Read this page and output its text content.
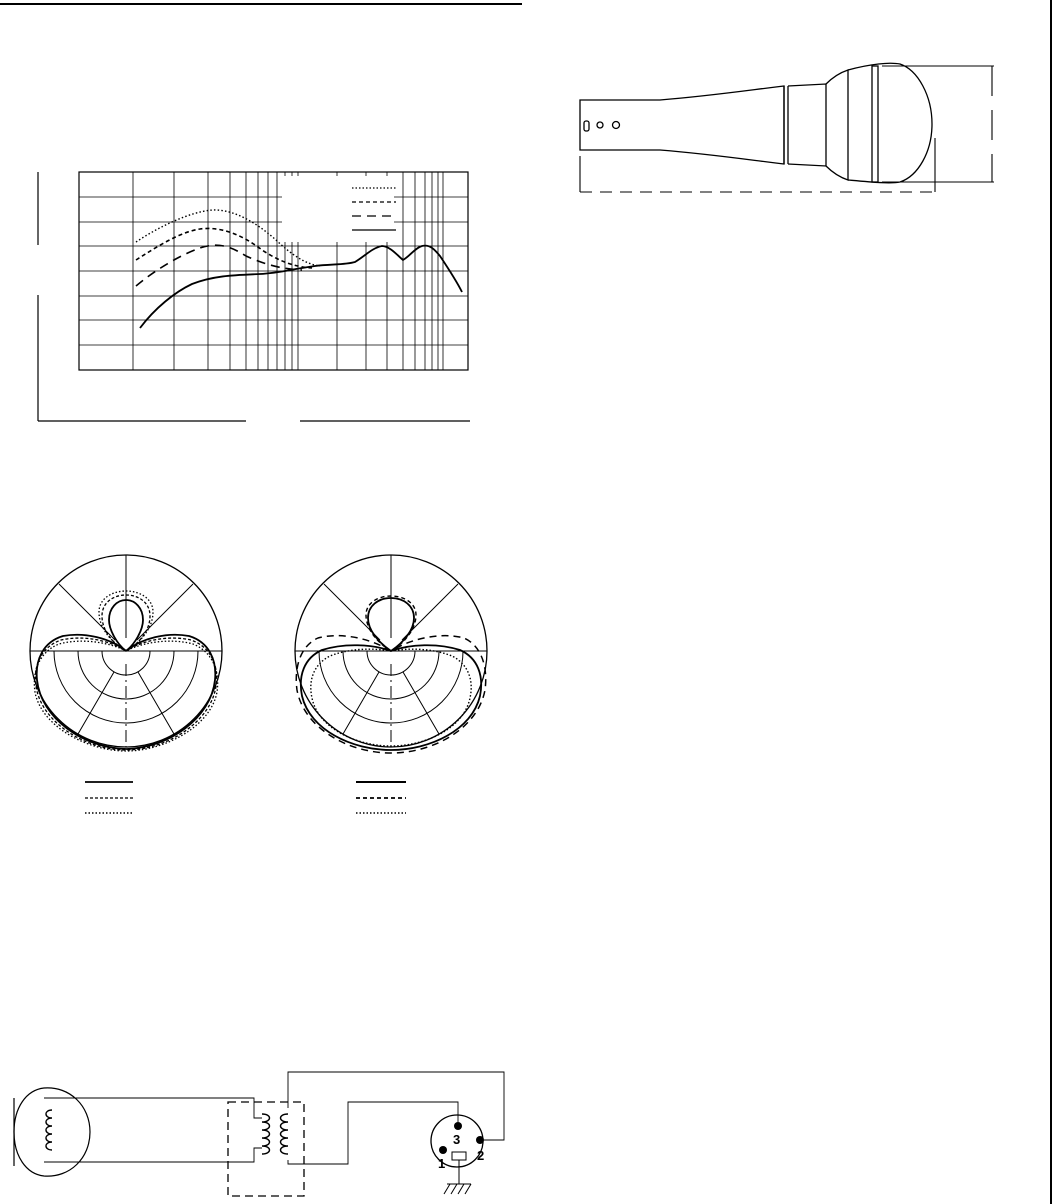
3
2
1
